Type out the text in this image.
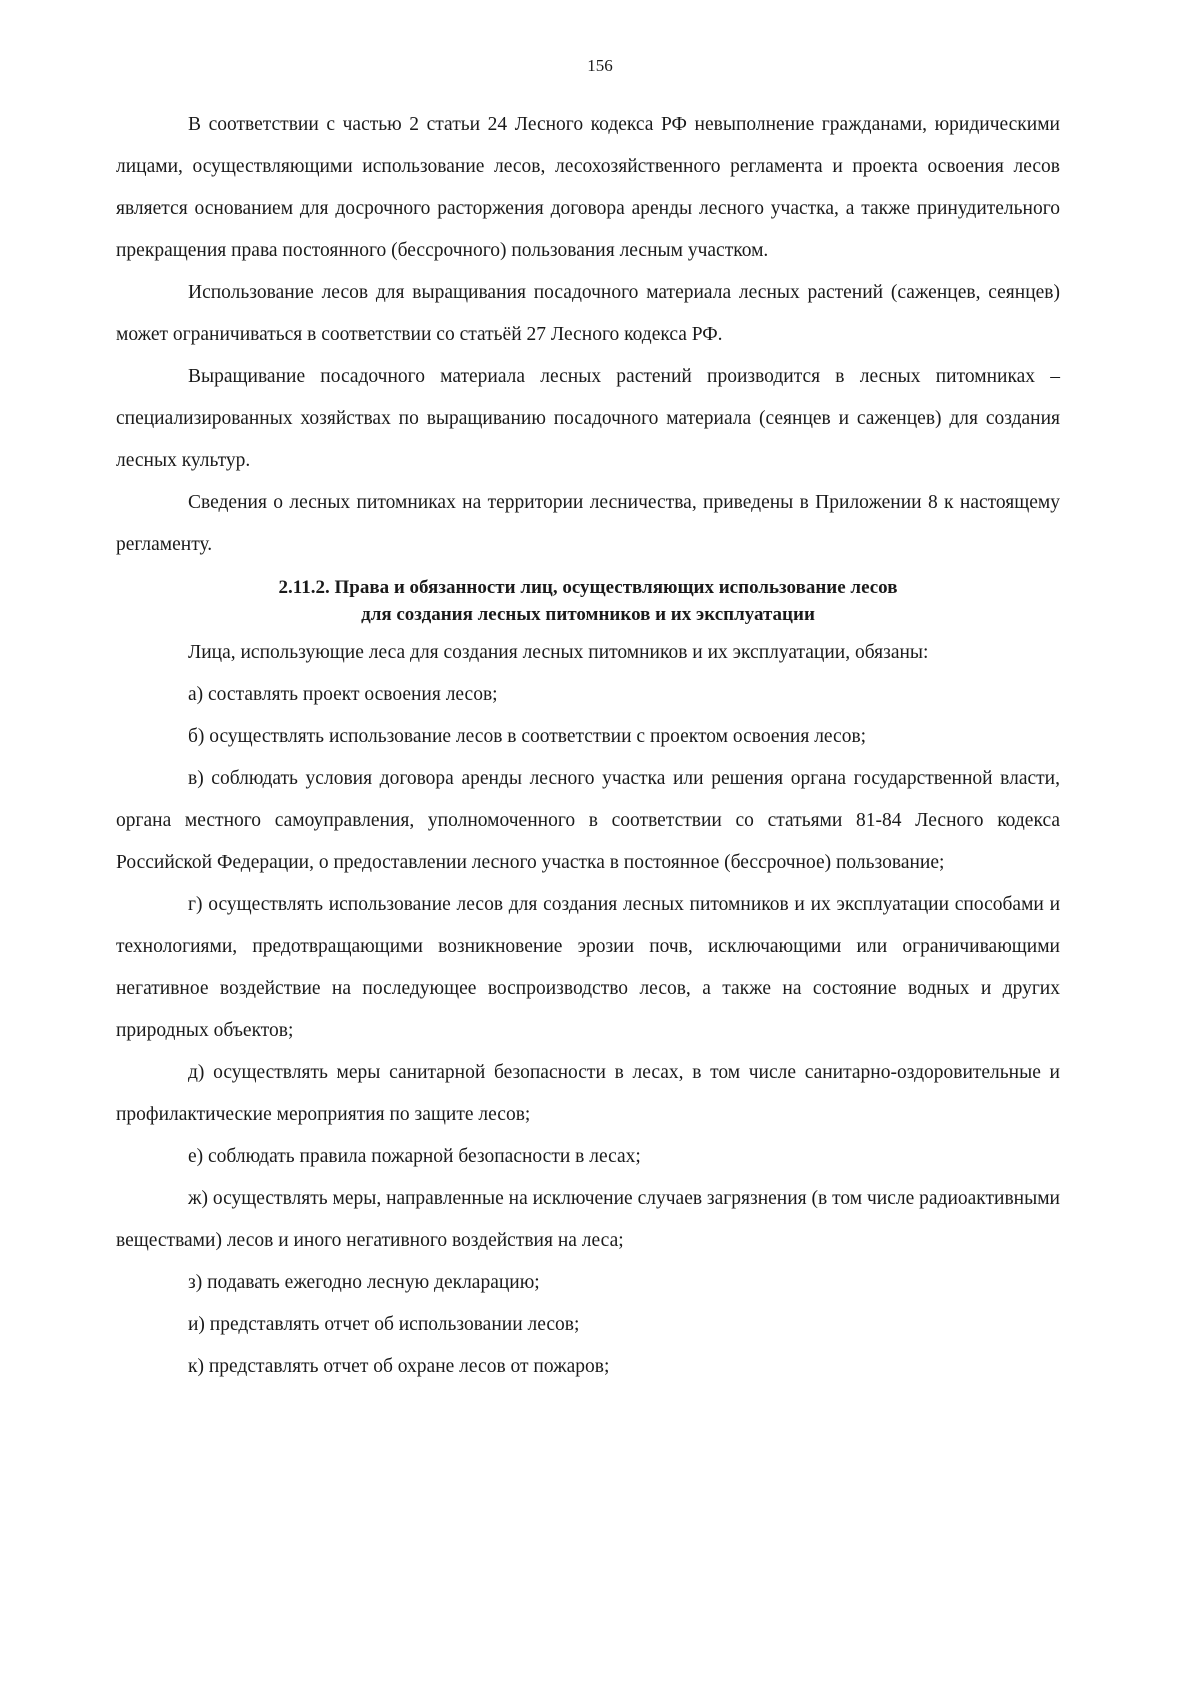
156

В соответствии с частью 2 статьи 24 Лесного кодекса РФ невыполнение гражданами, юридическими лицами, осуществляющими использование лесов, лесохозяйственного регламента и проекта освоения лесов является основанием для досрочного расторжения договора аренды лесного участка, а также принудительного прекращения права постоянного (бессрочного) пользования лесным участком.

Использование лесов для выращивания посадочного материала лесных растений (саженцев, сеянцев) может ограничиваться в соответствии со статьёй 27 Лесного кодекса РФ.

Выращивание посадочного материала лесных растений производится в лесных питомниках – специализированных хозяйствах по выращиванию посадочного материала (сеянцев и саженцев) для создания лесных культур.

Сведения о лесных питомниках на территории лесничества, приведены в Приложении 8 к настоящему регламенту.

2.11.2. Права и обязанности лиц, осуществляющих использование лесов для создания лесных питомников и их эксплуатации

Лица, использующие леса для создания лесных питомников и их эксплуатации, обязаны:

а) составлять проект освоения лесов;

б) осуществлять использование лесов в соответствии с проектом освоения лесов;

в) соблюдать условия договора аренды лесного участка или решения органа государственной власти, органа местного самоуправления, уполномоченного в соответствии со статьями 81-84 Лесного кодекса Российской Федерации, о предоставлении лесного участка в постоянное (бессрочное) пользование;

г) осуществлять использование лесов для создания лесных питомников и их эксплуатации способами и технологиями, предотвращающими возникновение эрозии почв, исключающими или ограничивающими негативное воздействие на последующее воспроизводство лесов, а также на состояние водных и других природных объектов;

д) осуществлять меры санитарной безопасности в лесах, в том числе санитарно-оздоровительные и профилактические мероприятия по защите лесов;

е) соблюдать правила пожарной безопасности в лесах;

ж) осуществлять меры, направленные на исключение случаев загрязнения (в том числе радиоактивными веществами) лесов и иного негативного воздействия на леса;

з) подавать ежегодно лесную декларацию;

и) представлять отчет об использовании лесов;

к) представлять отчет об охране лесов от пожаров;
